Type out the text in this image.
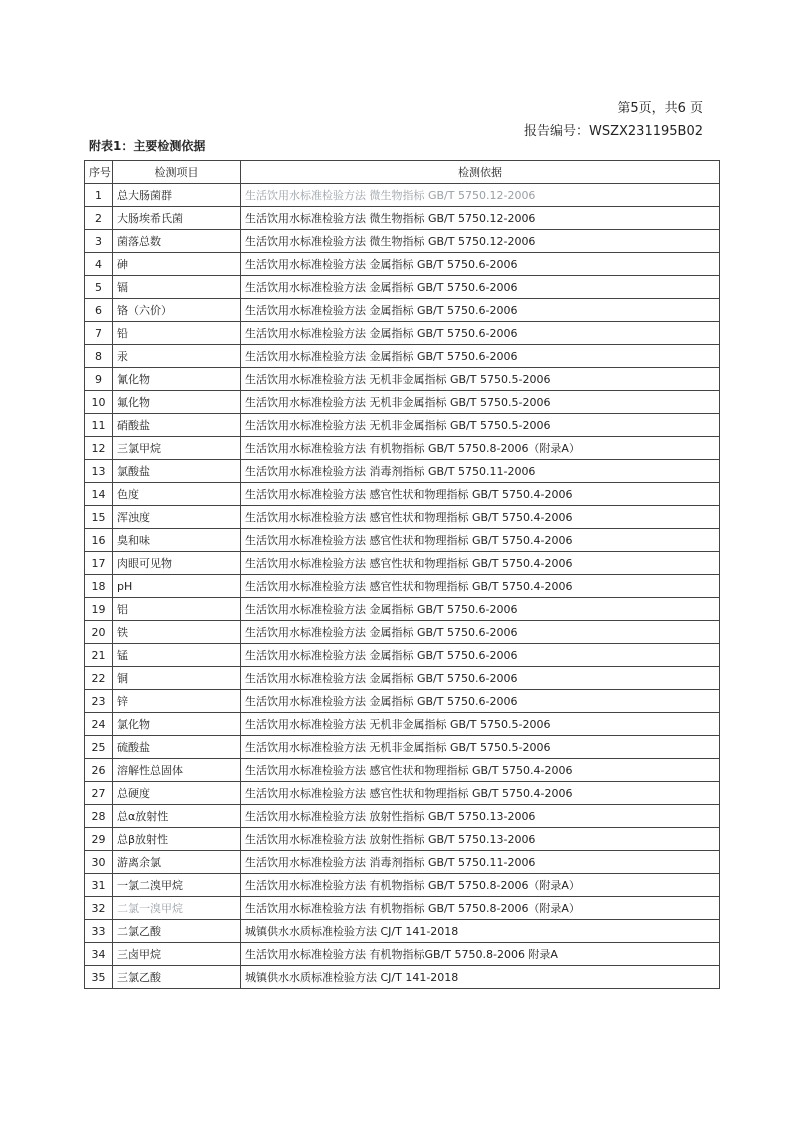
第5页，共6 页
报告编号：WSZX231195B02
附表1：主要检测依据
序号	检测项目	检测依据
1	总大肠菌群	生活饮用水标准检验方法 微生物指标 GB/T 5750.12-2006
2	大肠埃希氏菌	生活饮用水标准检验方法 微生物指标 GB/T 5750.12-2006
3	菌落总数	生活饮用水标准检验方法 微生物指标 GB/T 5750.12-2006
4	砷	生活饮用水标准检验方法 金属指标 GB/T 5750.6-2006
5	镉	生活饮用水标准检验方法 金属指标 GB/T 5750.6-2006
6	铬（六价）	生活饮用水标准检验方法 金属指标 GB/T 5750.6-2006
7	铅	生活饮用水标准检验方法 金属指标 GB/T 5750.6-2006
8	汞	生活饮用水标准检验方法 金属指标 GB/T 5750.6-2006
9	氰化物	生活饮用水标准检验方法 无机非金属指标 GB/T 5750.5-2006
10	氟化物	生活饮用水标准检验方法 无机非金属指标 GB/T 5750.5-2006
11	硝酸盐	生活饮用水标准检验方法 无机非金属指标 GB/T 5750.5-2006
12	三氯甲烷	生活饮用水标准检验方法 有机物指标 GB/T 5750.8-2006（附录A）
13	氯酸盐	生活饮用水标准检验方法 消毒剂指标 GB/T 5750.11-2006
14	色度	生活饮用水标准检验方法 感官性状和物理指标 GB/T 5750.4-2006
15	浑浊度	生活饮用水标准检验方法 感官性状和物理指标 GB/T 5750.4-2006
16	臭和味	生活饮用水标准检验方法 感官性状和物理指标 GB/T 5750.4-2006
17	肉眼可见物	生活饮用水标准检验方法 感官性状和物理指标 GB/T 5750.4-2006
18	pH	生活饮用水标准检验方法 感官性状和物理指标 GB/T 5750.4-2006
19	铝	生活饮用水标准检验方法 金属指标 GB/T 5750.6-2006
20	铁	生活饮用水标准检验方法 金属指标 GB/T 5750.6-2006
21	锰	生活饮用水标准检验方法 金属指标 GB/T 5750.6-2006
22	铜	生活饮用水标准检验方法 金属指标 GB/T 5750.6-2006
23	锌	生活饮用水标准检验方法 金属指标 GB/T 5750.6-2006
24	氯化物	生活饮用水标准检验方法 无机非金属指标 GB/T 5750.5-2006
25	硫酸盐	生活饮用水标准检验方法 无机非金属指标 GB/T 5750.5-2006
26	溶解性总固体	生活饮用水标准检验方法 感官性状和物理指标 GB/T 5750.4-2006
27	总硬度	生活饮用水标准检验方法 感官性状和物理指标 GB/T 5750.4-2006
28	总α放射性	生活饮用水标准检验方法 放射性指标 GB/T 5750.13-2006
29	总β放射性	生活饮用水标准检验方法 放射性指标 GB/T 5750.13-2006
30	游离余氯	生活饮用水标准检验方法 消毒剂指标 GB/T 5750.11-2006
31	一氯二溴甲烷	生活饮用水标准检验方法 有机物指标 GB/T 5750.8-2006（附录A）
32	二氯一溴甲烷	生活饮用水标准检验方法 有机物指标 GB/T 5750.8-2006（附录A）
33	二氯乙酸	城镇供水水质标准检验方法 CJ/T 141-2018
34	三卤甲烷	生活饮用水标准检验方法 有机物指标GB/T 5750.8-2006 附录A
35	三氯乙酸	城镇供水水质标准检验方法 CJ/T 141-2018
